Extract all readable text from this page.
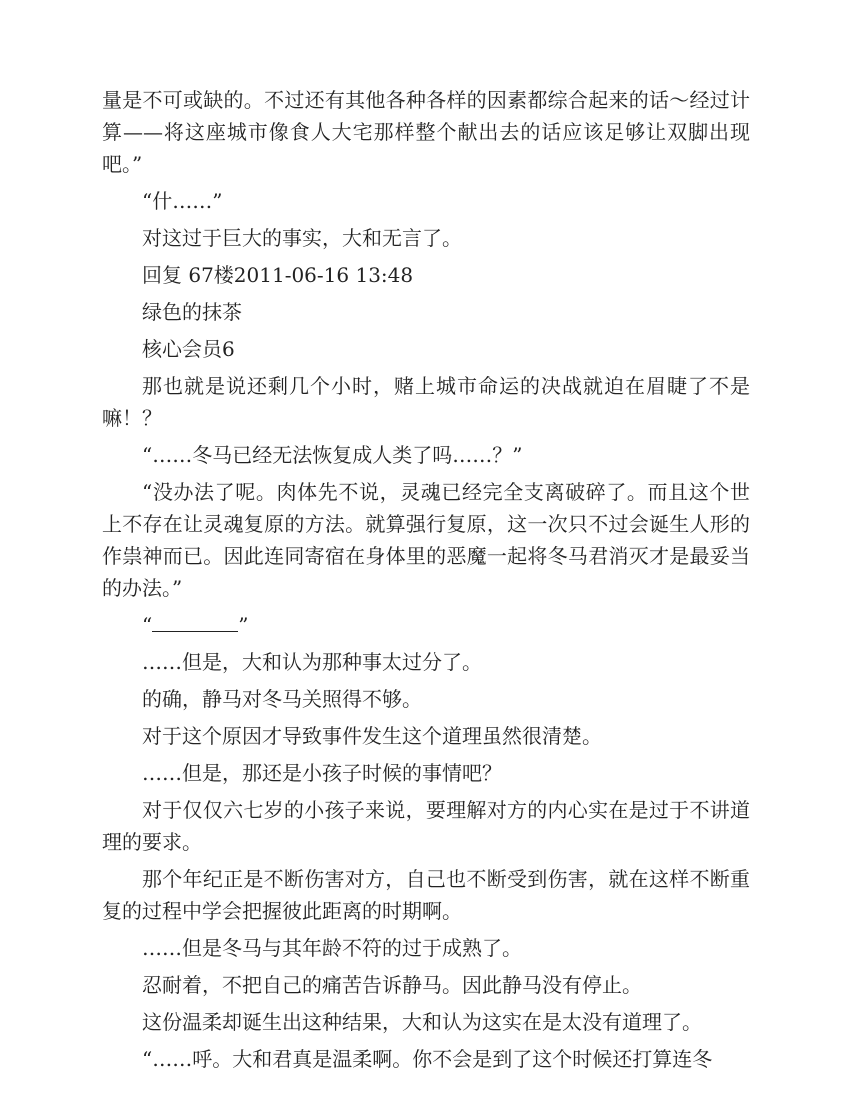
量是不可或缺的。不过还有其他各种各样的因素都综合起来的话～经过计算——将这座城市像食人大宅那样整个献出去的话应该足够让双脚出现吧。”

“什……”

对这过于巨大的事实，大和无言了。

回复 67楼2011-06-16 13:48

绿色的抹茶

核心会员6

那也就是说还剩几个小时，赌上城市命运的决战就迫在眉睫了不是嘛！？

“……冬马已经无法恢复成人类了吗……？”

“没办法了呢。肉体先不说，灵魂已经完全支离破碎了。而且这个世上不存在让灵魂复原的方法。就算强行复原，这一次只不过会诞生人形的作祟神而已。因此连同寄宿在身体里的恶魔一起将冬马君消灭才是最妥当的办法。”

“	”

……但是，大和认为那种事太过分了。

的确，静马对冬马关照得不够。

对于这个原因才导致事件发生这个道理虽然很清楚。

……但是，那还是小孩子时候的事情吧？

对于仅仅六七岁的小孩子来说，要理解对方的内心实在是过于不讲道理的要求。

那个年纪正是不断伤害对方，自己也不断受到伤害，就在这样不断重复的过程中学会把握彼此距离的时期啊。

……但是冬马与其年龄不符的过于成熟了。

忍耐着，不把自己的痛苦告诉静马。因此静马没有停止。

这份温柔却诞生出这种结果，大和认为这实在是太没有道理了。

“……呼。大和君真是温柔啊。你不会是到了这个时候还打算连冬
